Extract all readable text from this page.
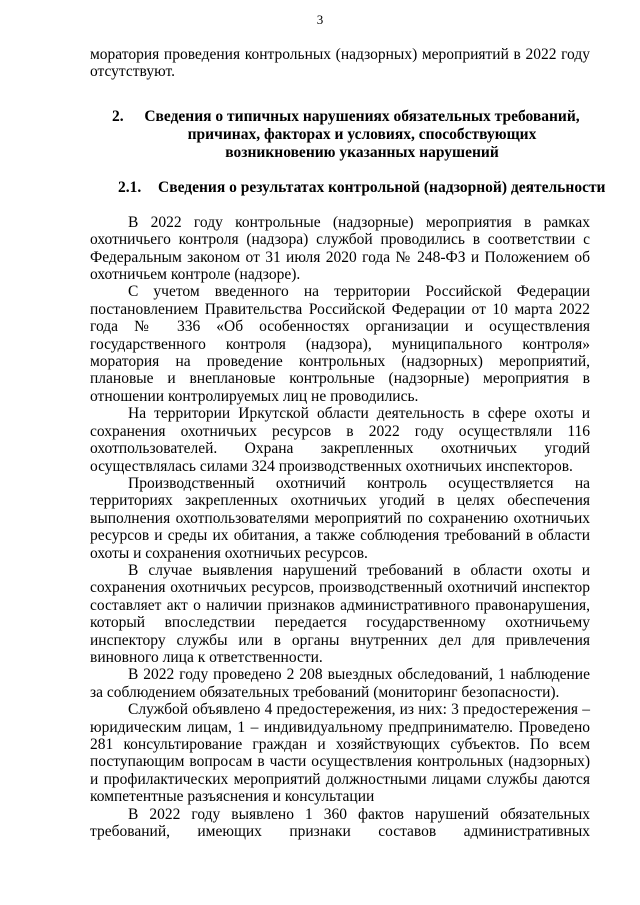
3

моратория проведения контрольных (надзорных) мероприятий в 2022 году отсутствуют.

2. Сведения о типичных нарушениях обязательных требований, причинах, факторах и условиях, способствующих возникновению указанных нарушений
2.1. Сведения о результатах контрольной (надзорной) деятельности

В 2022 году контрольные (надзорные) мероприятия в рамках охотничьего контроля (надзора) службой проводились в соответствии с Федеральным законом от 31 июля 2020 года № 248-ФЗ и Положением об охотничьем контроле (надзоре).

С учетом введенного на территории Российской Федерации постановлением Правительства Российской Федерации от 10 марта 2022 года № 336 «Об особенностях организации и осуществления государственного контроля (надзора), муниципального контроля» моратория на проведение контрольных (надзорных) мероприятий, плановые и внеплановые контрольные (надзорные) мероприятия в отношении контролируемых лиц не проводились.

На территории Иркутской области деятельность в сфере охоты и сохранения охотничьих ресурсов в 2022 году осуществляли 116 охотпользователей. Охрана закрепленных охотничьих угодий осуществлялась силами 324 производственных охотничьих инспекторов.

Производственный охотничий контроль осуществляется на территориях закрепленных охотничьих угодий в целях обеспечения выполнения охотпользователями мероприятий по сохранению охотничьих ресурсов и среды их обитания, а также соблюдения требований в области охоты и сохранения охотничьих ресурсов.

В случае выявления нарушений требований в области охоты и сохранения охотничьих ресурсов, производственный охотничий инспектор составляет акт о наличии признаков административного правонарушения, который впоследствии передается государственному охотничьему инспектору службы или в органы внутренних дел для привлечения виновного лица к ответственности.

В 2022 году проведено 2 208 выездных обследований, 1 наблюдение за соблюдением обязательных требований (мониторинг безопасности).

Службой объявлено 4 предостережения, из них: 3 предостережения – юридическим лицам, 1 – индивидуальному предпринимателю. Проведено 281 консультирование граждан и хозяйствующих субъектов. По всем поступающим вопросам в части осуществления контрольных (надзорных) и профилактических мероприятий должностными лицами службы даются компетентные разъяснения и консультации

В 2022 году выявлено 1 360 фактов нарушений обязательных требований, имеющих признаки составов административных
